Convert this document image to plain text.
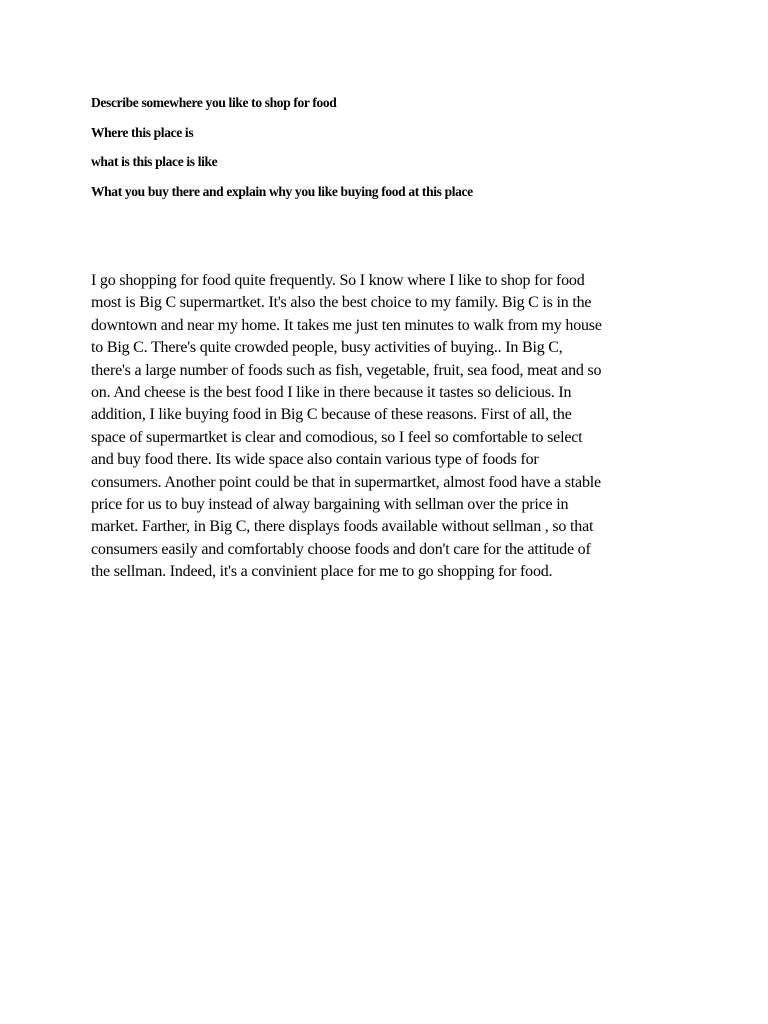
Describe somewhere you like to shop for food

Where this place is

what is this place is like

What you buy there and explain why you like buying food at this place

I go shopping for food quite frequently. So I know where I like to shop for food
most is Big C supermartket. It's also the best choice to my family. Big C is in the
downtown and near my home. It takes me just ten minutes to walk from my house
to Big C. There's quite crowded people, busy activities of buying.. In Big C,
there's a large number of foods such as fish, vegetable, fruit, sea food, meat and so
on. And cheese is the best food I like in there because it tastes so delicious. In
addition, I like buying food in Big C because of these reasons. First of all, the
space of supermartket is clear and comodious, so I feel so comfortable to select
and buy food there. Its wide space also contain various type of foods for
consumers. Another point could be that in supermartket, almost food have a stable
price for us to buy instead of alway bargaining with sellman over the price in
market. Farther, in Big C, there displays foods available without sellman , so that
consumers easily and comfortably choose foods and don't care for the attitude of
the sellman. Indeed, it's a convinient place for me to go shopping for food.
